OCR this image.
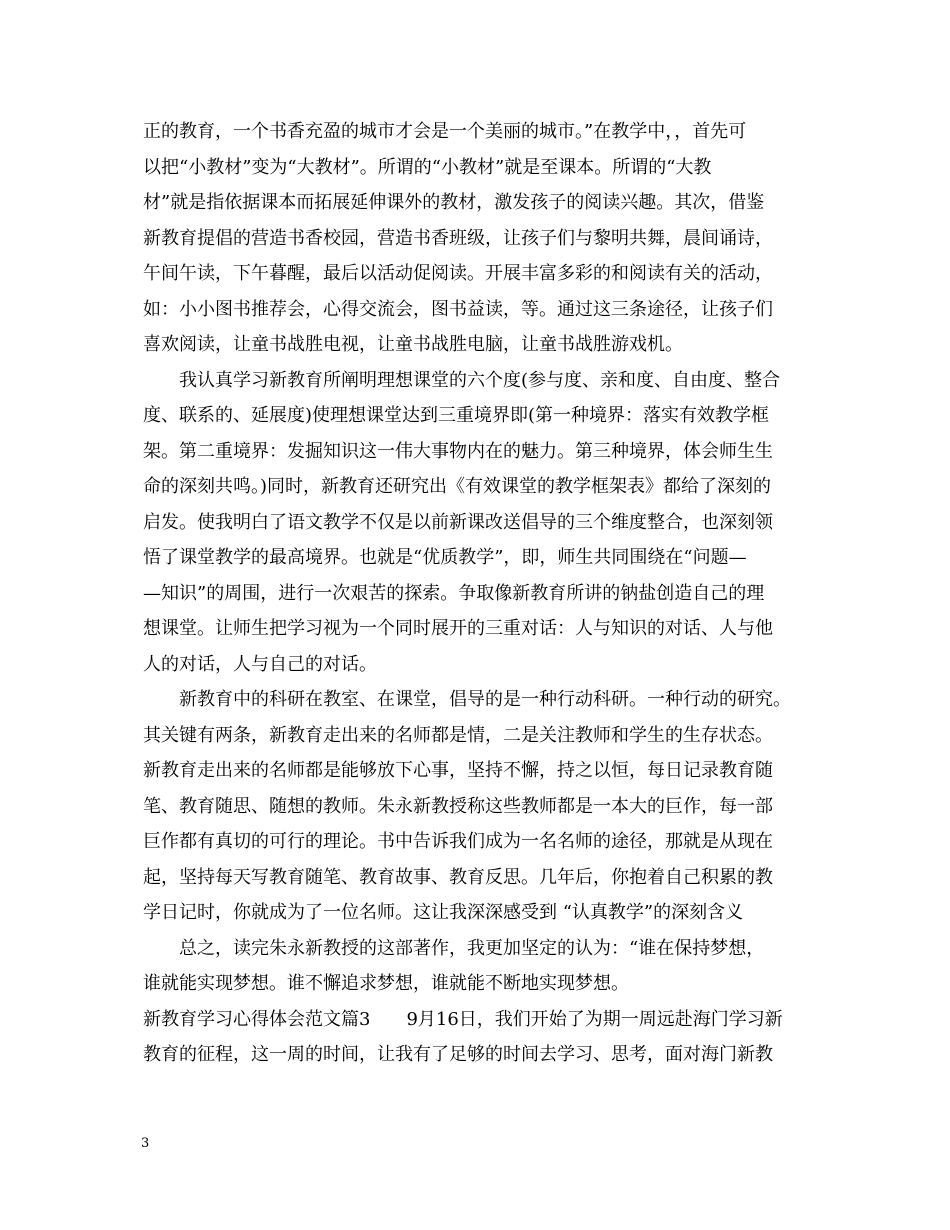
正的教育，一个书香充盈的城市才会是一个美丽的城市。”在教学中，，首先可
以把“小教材”变为“大教材”。所谓的“小教材”就是至课本。所谓的“大教
材”就是指依据课本而拓展延伸课外的教材，激发孩子的阅读兴趣。其次，借鉴
新教育提倡的营造书香校园，营造书香班级，让孩子们与黎明共舞，晨间诵诗，
午间午读，下午暮醒，最后以活动促阅读。开展丰富多彩的和阅读有关的活动，
如：小小图书推荐会，心得交流会，图书益读，等。通过这三条途径，让孩子们
喜欢阅读，让童书战胜电视，让童书战胜电脑，让童书战胜游戏机。
　　我认真学习新教育所阐明理想课堂的六个度(参与度、亲和度、自由度、整合
度、联系的、延展度)使理想课堂达到三重境界即(第一种境界：落实有效教学框
架。第二重境界：发掘知识这一伟大事物内在的魅力。第三种境界，体会师生生
命的深刻共鸣。)同时，新教育还研究出《有效课堂的教学框架表》都给了深刻的
启发。使我明白了语文教学不仅是以前新课改送倡导的三个维度整合，也深刻领
悟了课堂教学的最高境界。也就是“优质教学”，即，师生共同围绕在“问题—
—知识”的周围，进行一次艰苦的探索。争取像新教育所讲的钠盐创造自己的理
想课堂。让师生把学习视为一个同时展开的三重对话：人与知识的对话、人与他
人的对话，人与自己的对话。
　　新教育中的科研在教室、在课堂，倡导的是一种行动科研。一种行动的研究。
其关键有两条，新教育走出来的名师都是情，二是关注教师和学生的生存状态。
新教育走出来的名师都是能够放下心事，坚持不懈，持之以恒，每日记录教育随
笔、教育随思、随想的教师。朱永新教授称这些教师都是一本大的巨作，每一部
巨作都有真切的可行的理论。书中告诉我们成为一名名师的途径，那就是从现在
起，坚持每天写教育随笔、教育故事、教育反思。几年后，你抱着自己积累的教
学日记时，你就成为了一位名师。这让我深深感受到 “认真教学”的深刻含义
　　总之，读完朱永新教授的这部著作，我更加坚定的认为：“谁在保持梦想，
谁就能实现梦想。谁不懈追求梦想，谁就能不断地实现梦想。
新教育学习心得体会范文篇3　　9月16日，我们开始了为期一周远赴海门学习新
教育的征程，这一周的时间，让我有了足够的时间去学习、思考，面对海门新教
3
